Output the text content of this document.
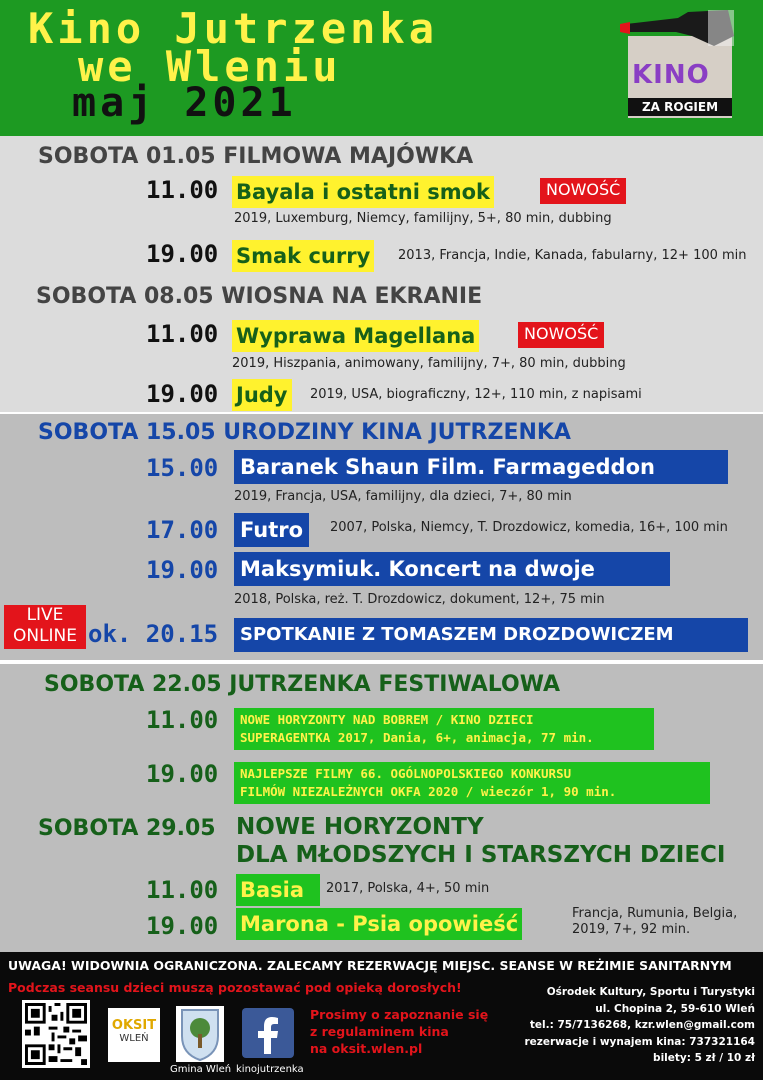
Kino Jutrzenka
we Wleniu
maj 2021
KINO
ZA ROGIEM
SOBOTA 01.05 FILMOWA MAJÓWKA
11.00 Bayala i ostatni smok	NOWOŚĆ
2019, Luxemburg, Niemcy, familijny, 5+, 80 min, dubbing
19.00 Smak curry	2013, Francja, Indie, Kanada, fabularny, 12+ 100 min
SOBOTA 08.05 WIOSNA NA EKRANIE
11.00 Wyprawa Magellana	NOWOŚĆ
2019, Hiszpania, animowany, familijny, 7+, 80 min, dubbing
19.00 Judy	2019, USA, biograficzny, 12+, 110 min, z napisami
SOBOTA 15.05 URODZINY KINA JUTRZENKA
15.00 Baranek Shaun Film. Farmageddon
2019, Francja, USA, familijny, dla dzieci, 7+, 80 min
17.00 Futro	2007, Polska, Niemcy, T. Drozdowicz, komedia, 16+, 100 min
19.00 Maksymiuk. Koncert na dwoje
2018, Polska, reż. T. Drozdowicz, dokument, 12+, 75 min
LIVE
ONLINE ok. 20.15	SPOTKANIE Z TOMASZEM DROZDOWICZEM
SOBOTA 22.05 JUTRZENKA FESTIWALOWA
11.00 NOWE HORYZONTY NAD BOBREM / KINO DZIECI
SUPERAGENTKA 2017, Dania, 6+, animacja, 77 min.
19.00 NAJLEPSZE FILMY 66. OGÓLNOPOLSKIEGO KONKURSU
FILMÓW NIEZALEŻNYCH OKFA 2020 / wieczór 1, 90 min.
SOBOTA 29.05 NOWE HORYZONTY
DLA MŁODSZYCH I STARSZYCH DZIECI
11.00 Basia	2017, Polska, 4+, 50 min
19.00 Marona - Psia opowieść	Francja, Rumunia, Belgia,
2019, 7+, 92 min.
UWAGA! WIDOWNIA OGRANICZONA. ZALECAMY REZERWACJĘ MIEJSC. SEANSE W REŻIMIE SANITARNYM
Podczas seansu dzieci muszą pozostawać pod opieką dorosłych!
OKSIT
WLEŃ
Gmina Wleń kinojutrzenka
Prosimy o zapoznanie się
z regulaminem kina
na oksit.wlen.pl
Ośrodek Kultury, Sportu i Turystyki
ul. Chopina 2, 59-610 Wleń
tel.: 75/7136268, kzr.wlen@gmail.com
rezerwacje i wynajem kina: 737321164
bilety: 5 zł / 10 zł
